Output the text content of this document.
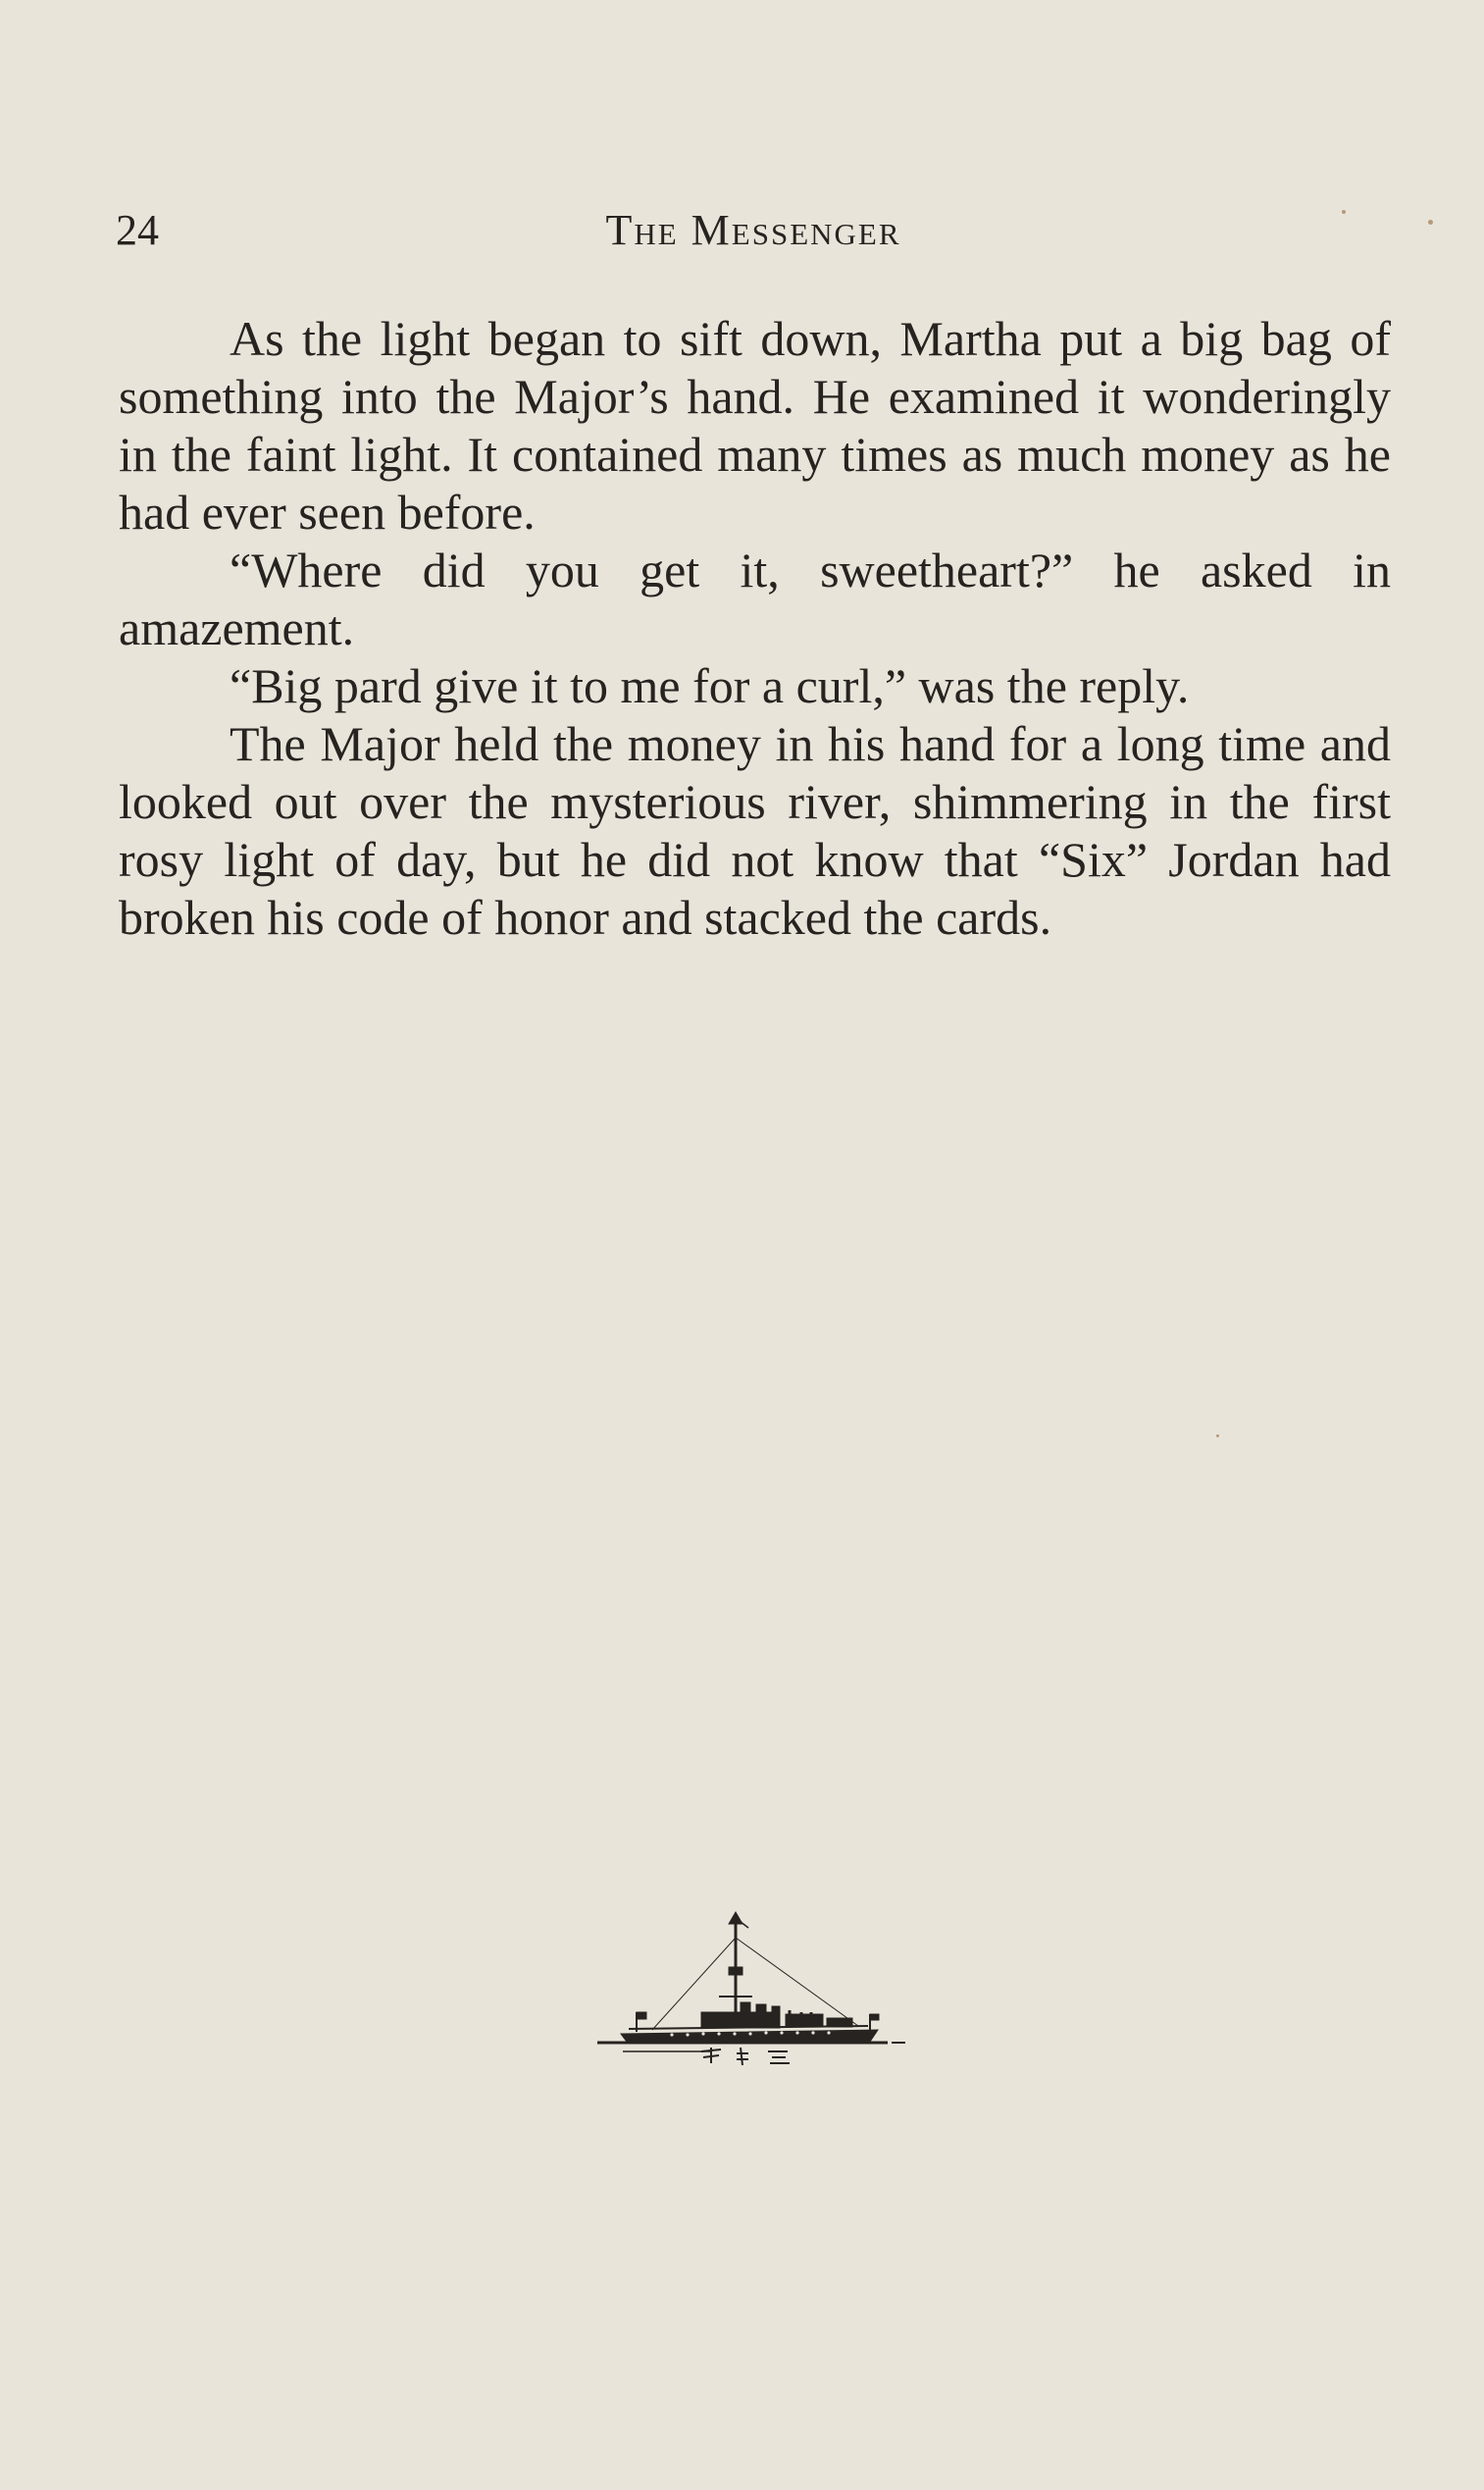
24	The Messenger

As the light began to sift down, Martha put a big bag of something into the Major’s hand. He examined it wonderingly in the faint light. It contained many times as much money as he had ever seen before.

“Where did you get it, sweetheart?” he asked in amazement.

“Big pard give it to me for a curl,” was the reply.

The Major held the money in his hand for a long time and looked out over the mysterious river, shimmering in the first rosy light of day, but he did not know that “Six” Jordan had broken his code of honor and stacked the cards.
